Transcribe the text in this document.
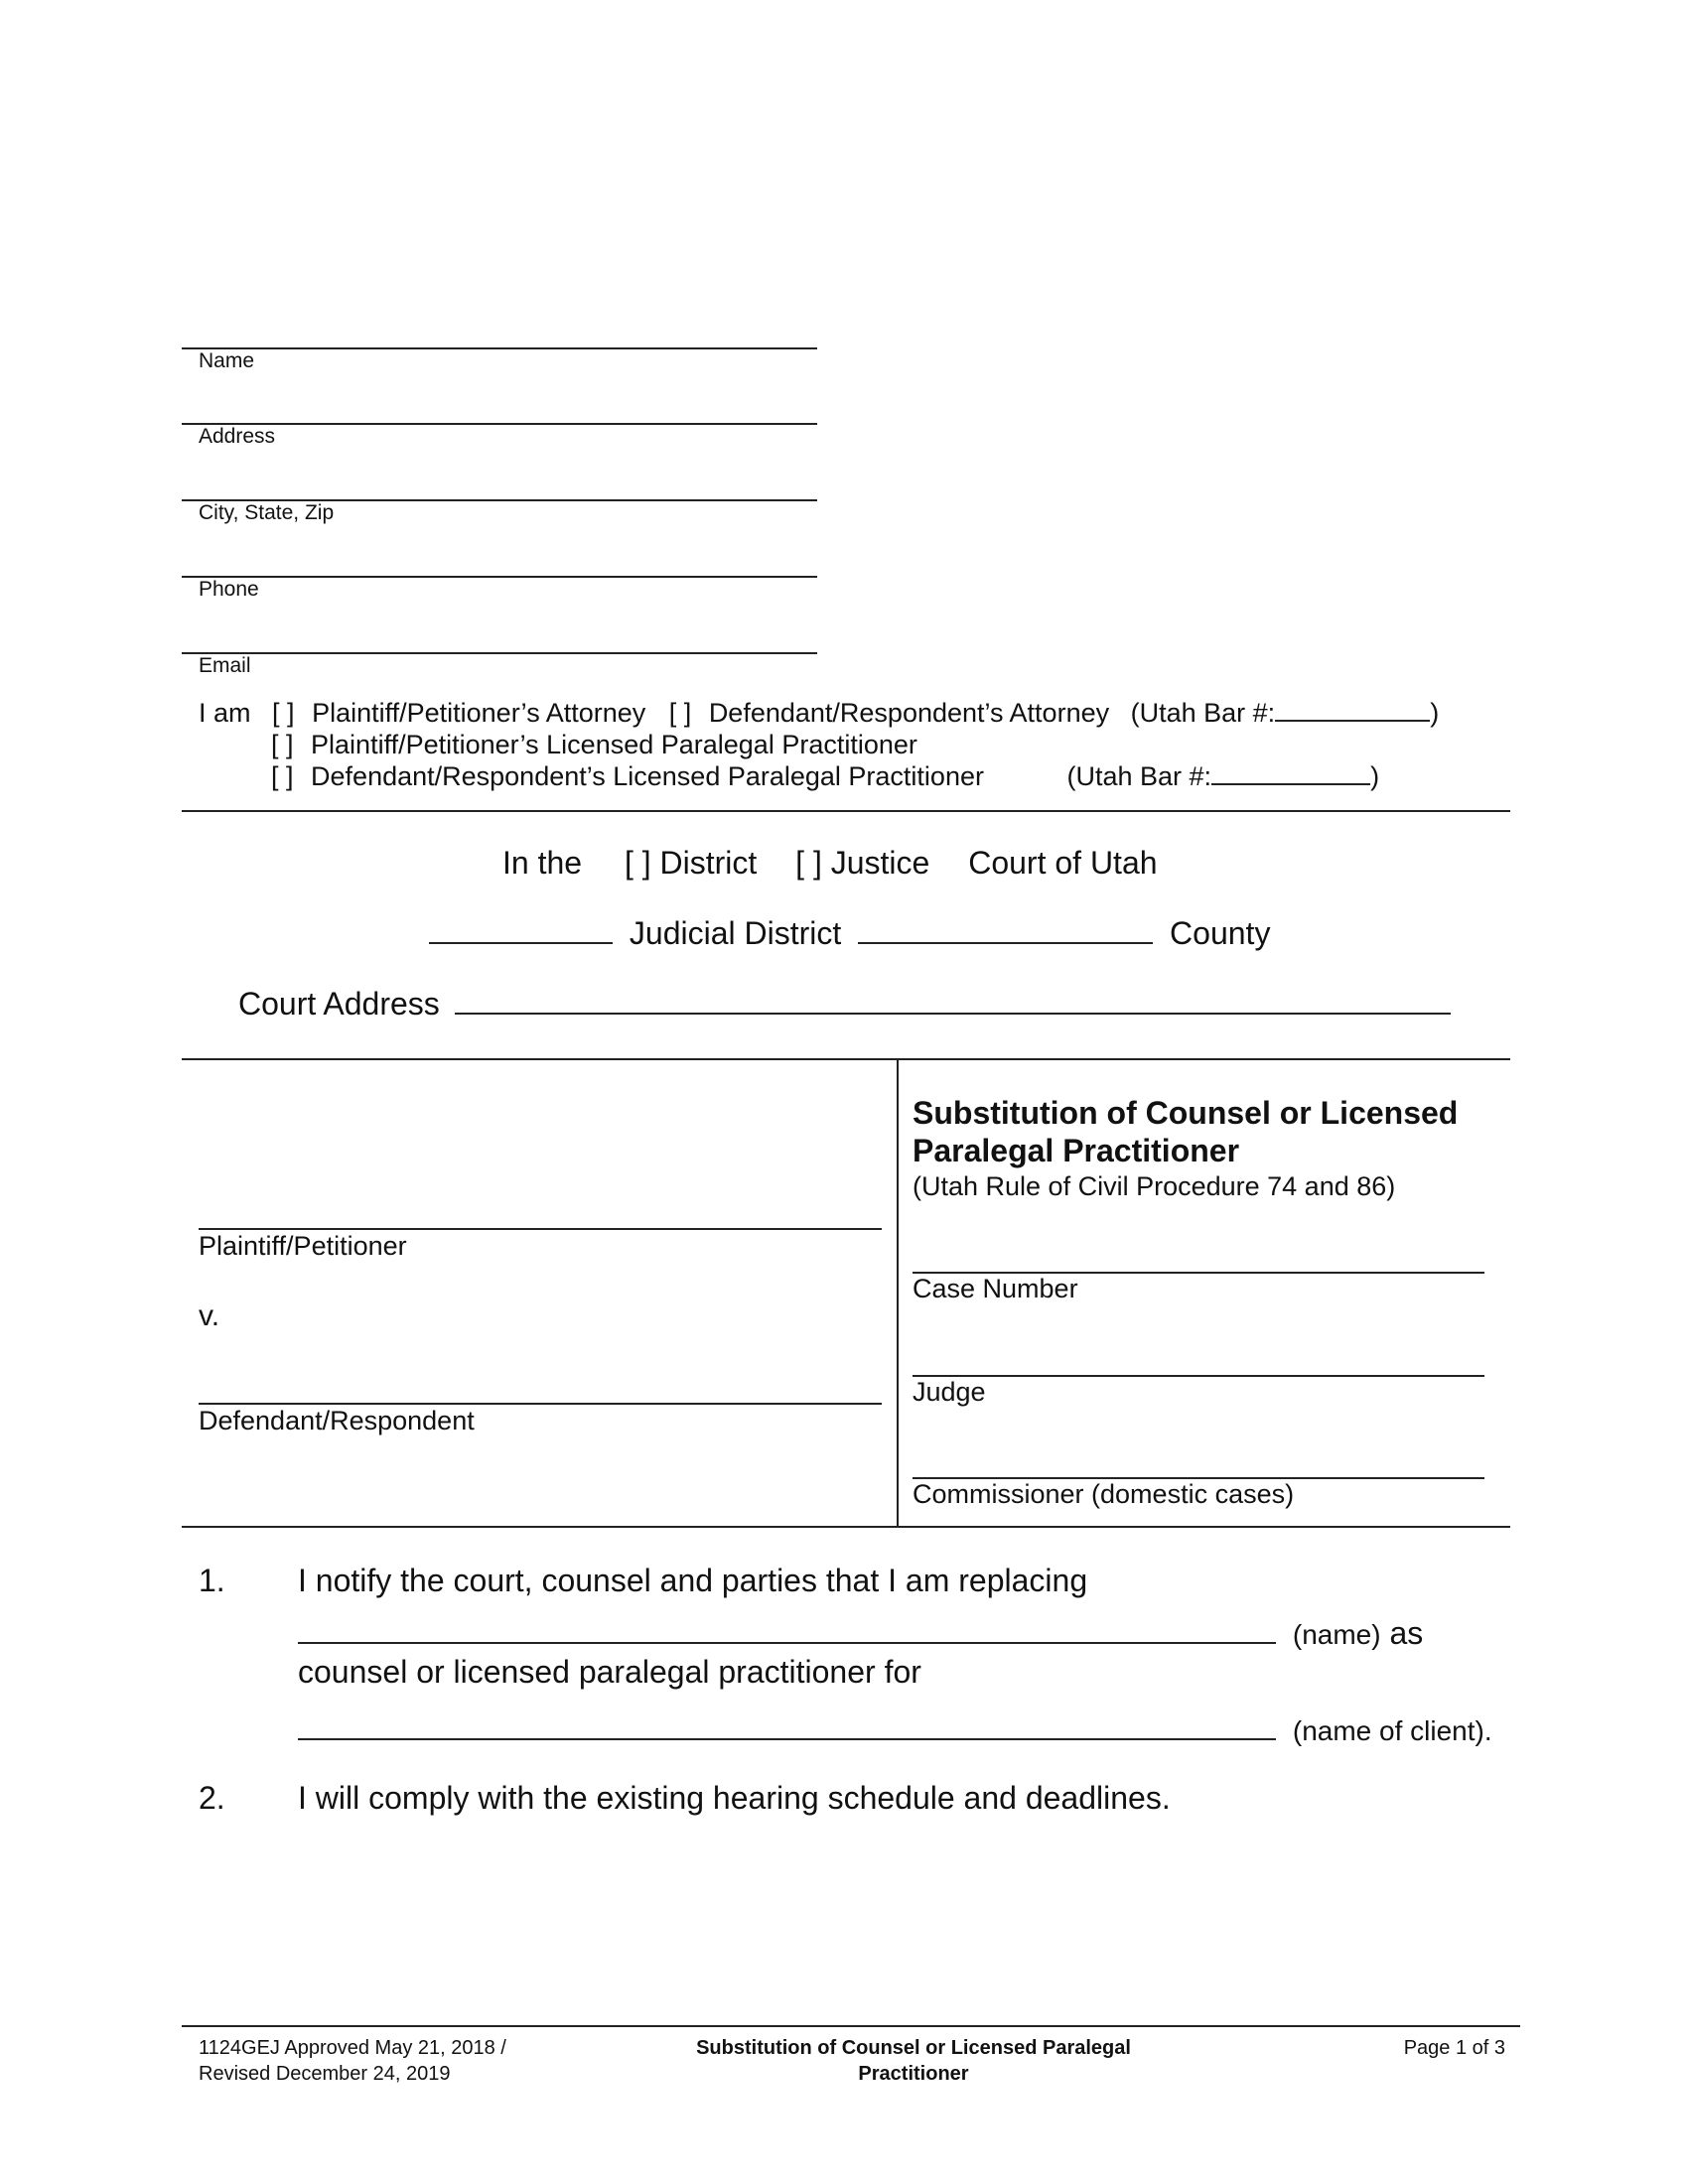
Name
Address
City, State, Zip
Phone
Email
I am [ ] Plaintiff/Petitioner’s Attorney [ ] Defendant/Respondent’s Attorney (Utah Bar #:	)
[ ] Plaintiff/Petitioner’s Licensed Paralegal Practitioner
[ ] Defendant/Respondent’s Licensed Paralegal Practitioner	(Utah Bar #:	)
In the [ ] District [ ] Justice Court of Utah
Judicial District	County
Court Address
Plaintiff/Petitioner
v.
Defendant/Respondent
Substitution of Counsel or Licensed
Paralegal Practitioner
(Utah Rule of Civil Procedure 74 and 86)
Case Number
Judge
Commissioner (domestic cases)
1. I notify the court, counsel and parties that I am replacing
(name) as
counsel or licensed paralegal practitioner for
(name of client).
2. I will comply with the existing hearing schedule and deadlines.
1124GEJ Approved May 21, 2018 /
Revised December 24, 2019
Substitution of Counsel or Licensed Paralegal
Practitioner
Page 1 of 3
